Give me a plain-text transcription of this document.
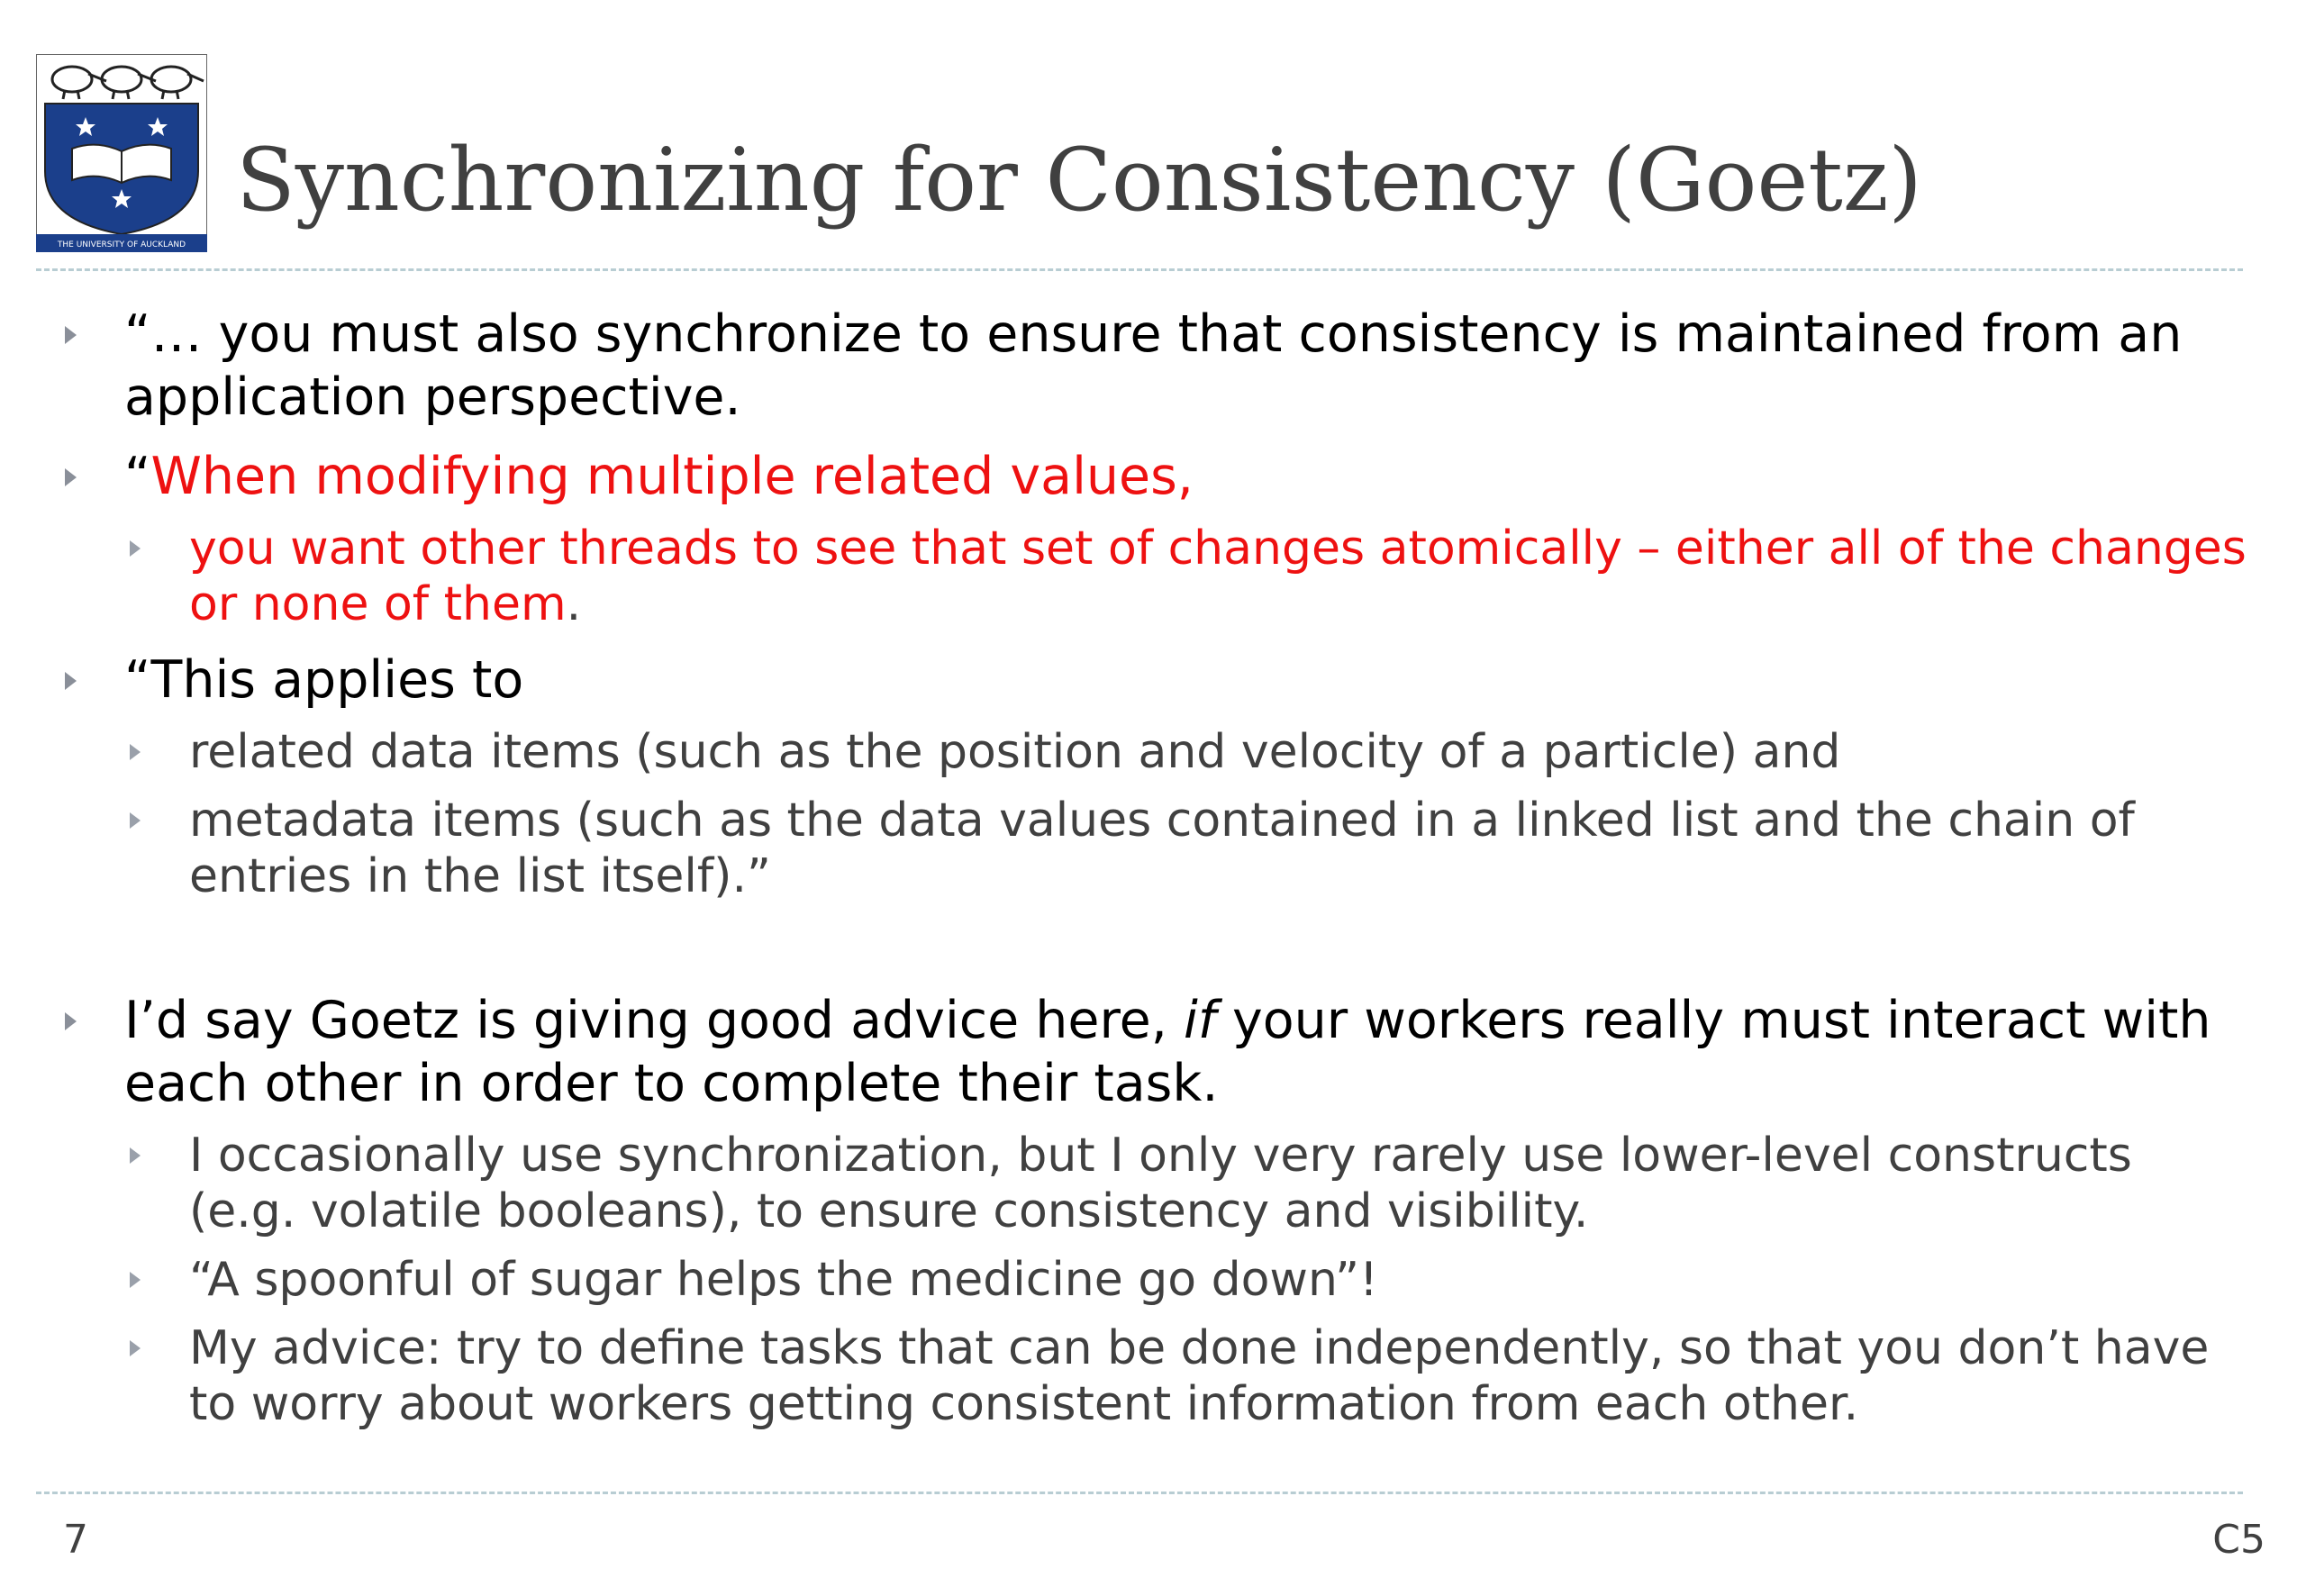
THE UNIVERSITY OF AUCKLAND
Synchronizing for Consistency (Goetz)
“… you must also synchronize to ensure that consistency is maintained from an application perspective.
“When modifying multiple related values,
you want other threads to see that set of changes atomically – either all of the changes or none of them.
“This applies to
related data items (such as the position and velocity of a particle) and
metadata items (such as the data values contained in a linked list and the chain of entries in the list itself).”
I’d say Goetz is giving good advice here, if your workers really must interact with each other in order to complete their task.
I occasionally use synchronization, but I only very rarely use lower-level constructs (e.g. volatile booleans), to ensure consistency and visibility.
“A spoonful of sugar helps the medicine go down”!
My advice: try to define tasks that can be done independently, so that you don’t have to worry about workers getting consistent information from each other.
7	C5
